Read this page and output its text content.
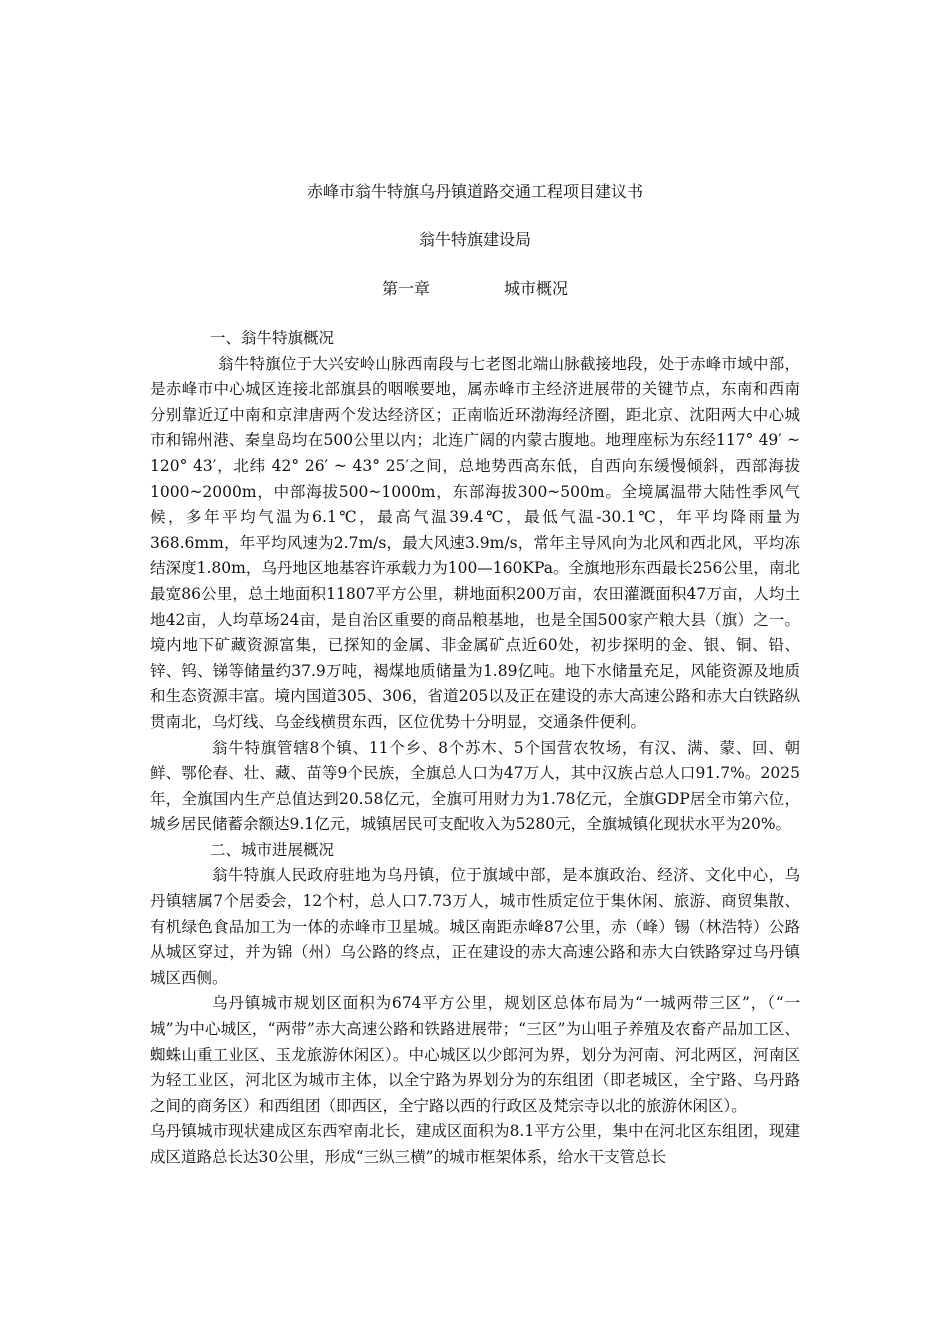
赤峰市翁牛特旗乌丹镇道路交通工程项目建议书
翁牛特旗建设局
第一章	城市概况

一、翁牛特旗概况

翁牛特旗位于大兴安岭山脉西南段与七老图北端山脉截接地段，处于赤峰市域中部，是赤峰市中心城区连接北部旗县的咽喉要地，属赤峰市主经济进展带的关键节点，东南和西南分别靠近辽中南和京津唐两个发达经济区；正南临近环渤海经济圈，距北京、沈阳两大中心城市和锦州港、秦皇岛均在500公里以内；北连广阔的内蒙古腹地。地理座标为东经117° 49′ ~ 120° 43′，北纬 42° 26′ ~ 43° 25′之间，总地势西高东低，自西向东缓慢倾斜，西部海拔1000~2000m，中部海拔500~1000m，东部海拔300~500m。全境属温带大陆性季风气候，多年平均气温为6.1℃，最高气温39.4℃，最低气温-30.1℃，年平均降雨量为368.6mm，年平均风速为2.7m/s，最大风速3.9m/s，常年主导风向为北风和西北风，平均冻结深度1.80m，乌丹地区地基容许承载力为100—160KPa。全旗地形东西最长256公里，南北最宽86公里，总土地面积11807平方公里，耕地面积200万亩，农田灌溉面积47万亩，人均土地42亩，人均草场24亩，是自治区重要的商品粮基地，也是全国500家产粮大县（旗）之一。境内地下矿藏资源富集，已探知的金属、非金属矿点近60处，初步探明的金、银、铜、铅、锌、钨、锑等储量约37.9万吨，褐煤地质储量为1.89亿吨。地下水储量充足，风能资源及地质和生态资源丰富。境内国道305、306，省道205以及正在建设的赤大高速公路和赤大白铁路纵贯南北，乌灯线、乌金线横贯东西，区位优势十分明显，交通条件便利。

翁牛特旗管辖8个镇、11个乡、8个苏木、5个国营农牧场，有汉、满、蒙、回、朝鲜、鄂伦春、壮、藏、苗等9个民族，全旗总人口为47万人，其中汉族占总人口91.7%。2025年，全旗国内生产总值达到20.58亿元，全旗可用财力为1.78亿元，全旗GDP居全市第六位，城乡居民储蓄余额达9.1亿元，城镇居民可支配收入为5280元，全旗城镇化现状水平为20%。

二、城市进展概况

翁牛特旗人民政府驻地为乌丹镇，位于旗域中部，是本旗政治、经济、文化中心，乌丹镇辖属7个居委会，12个村，总人口7.73万人，城市性质定位于集休闲、旅游、商贸集散、有机绿色食品加工为一体的赤峰市卫星城。城区南距赤峰87公里，赤（峰）锡（林浩特）公路从城区穿过，并为锦（州）乌公路的终点，正在建设的赤大高速公路和赤大白铁路穿过乌丹镇城区西侧。

乌丹镇城市规划区面积为674平方公里，规划区总体布局为“一城两带三区”，（“一城”为中心城区，“两带”赤大高速公路和铁路进展带；“三区”为山咀子养殖及农畜产品加工区、蜘蛛山重工业区、玉龙旅游休闲区）。中心城区以少郎河为界，划分为河南、河北两区，河南区为轻工业区，河北区为城市主体，以全宁路为界划分为的东组团（即老城区，全宁路、乌丹路之间的商务区）和西组团（即西区，全宁路以西的行政区及梵宗寺以北的旅游休闲区）。

乌丹镇城市现状建成区东西窄南北长，建成区面积为8.1平方公里，集中在河北区东组团，现建成区道路总长达30公里，形成“三纵三横”的城市框架体系，给水干支管总长
